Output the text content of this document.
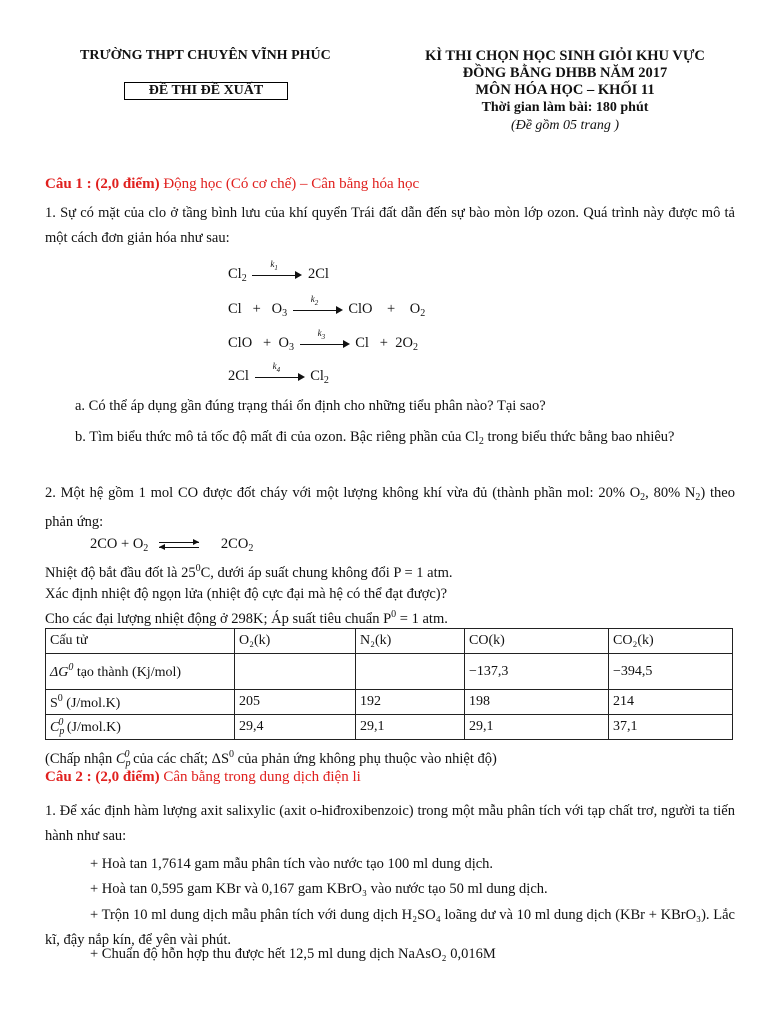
TRƯỜNG THPT CHUYÊN VĨNH PHÚC
ĐỀ THI ĐỀ XUẤT
KÌ THI CHỌN HỌC SINH GIỎI KHU VỰC
ĐỒNG BẰNG DHBB NĂM 2017
MÔN HÓA HỌC – KHỐI 11
Thời gian làm bài: 180 phút
(Đề gồm 05 trang )
Câu 1 : (2,0 điểm) Động học (Có cơ chế) – Cân bằng hóa học
1. Sự có mặt của clo ở tầng bình lưu của khí quyển Trái đất dẫn đến sự bào mòn lớp ozon. Quá trình này được mô tả một cách đơn giản hóa như sau:
$Cl_2$
$k_1$ 2Cl
$Cl + O_3$
$k_2$ ClO    +    $O_2$
ClO   +  $O_3$
$k_3$ $Cl + 2O_2$
2Cl
$k_4$ $Cl_2$
a. Có thể áp dụng gần đúng trạng thái ổn định cho những tiểu phân nào? Tại sao?
b. Tìm biểu thức mô tả tốc độ mất đi của ozon. Bậc riêng phần của $Cl_2$ trong biểu thức bằng bao nhiêu?
2. Một hệ gồm 1 mol CO được đốt cháy với một lượng không khí vừa đủ (thành phần mol: 20% $O_2$, 80% $N_2$) theo phản ứng:
$2CO + O_2$	$2CO_2$
Nhiệt độ bắt đầu đốt là $25^0C$, dưới áp suất chung không đổi P = 1 atm.
Xác định nhiệt độ ngọn lửa (nhiệt độ cực đại mà hệ có thể đạt được)?
Cho các đại lượng nhiệt động ở 298K; Áp suất tiêu chuẩn $P^0 = 1$ atm.
Cấu tử	O₂(k)	N₂(k)	CO(k)	CO₂(k)
$\Delta G^0$ tạo thành (Kj/mol)			−137,3	−394,5
$S^0$ (J/mol.K)	205	192	198	214
$C_p^0$ (J/mol.K)	29,4	29,1	29,1	37,1
(Chấp nhận $C_p^0$ của các chất; $\Delta S^0$ của phản ứng không phụ thuộc vào nhiệt độ)
Câu 2 : (2,0 điểm) Cân bằng trong dung dịch điện li
1. Để xác định hàm lượng axit salixylic (axit o-hiđroxibenzoic) trong một mẫu phân tích với tạp chất trơ, người ta tiến hành như sau:
+ Hoà tan 1,7614 gam mẫu phân tích vào nước tạo 100 ml dung dịch.
+ Hoà tan 0,595 gam KBr và 0,167 gam KBrO₃ vào nước tạo 50 ml dung dịch.
+ Trộn 10 ml dung dịch mẫu phân tích với dung dịch H₂SO₄ loãng dư và 10 ml dung dịch (KBr + KBrO₃). Lắc kĩ, đậy nắp kín, để yên vài phút.
+ Chuẩn độ hỗn hợp thu được hết 12,5 ml dung dịch NaAsO₂ 0,016M
